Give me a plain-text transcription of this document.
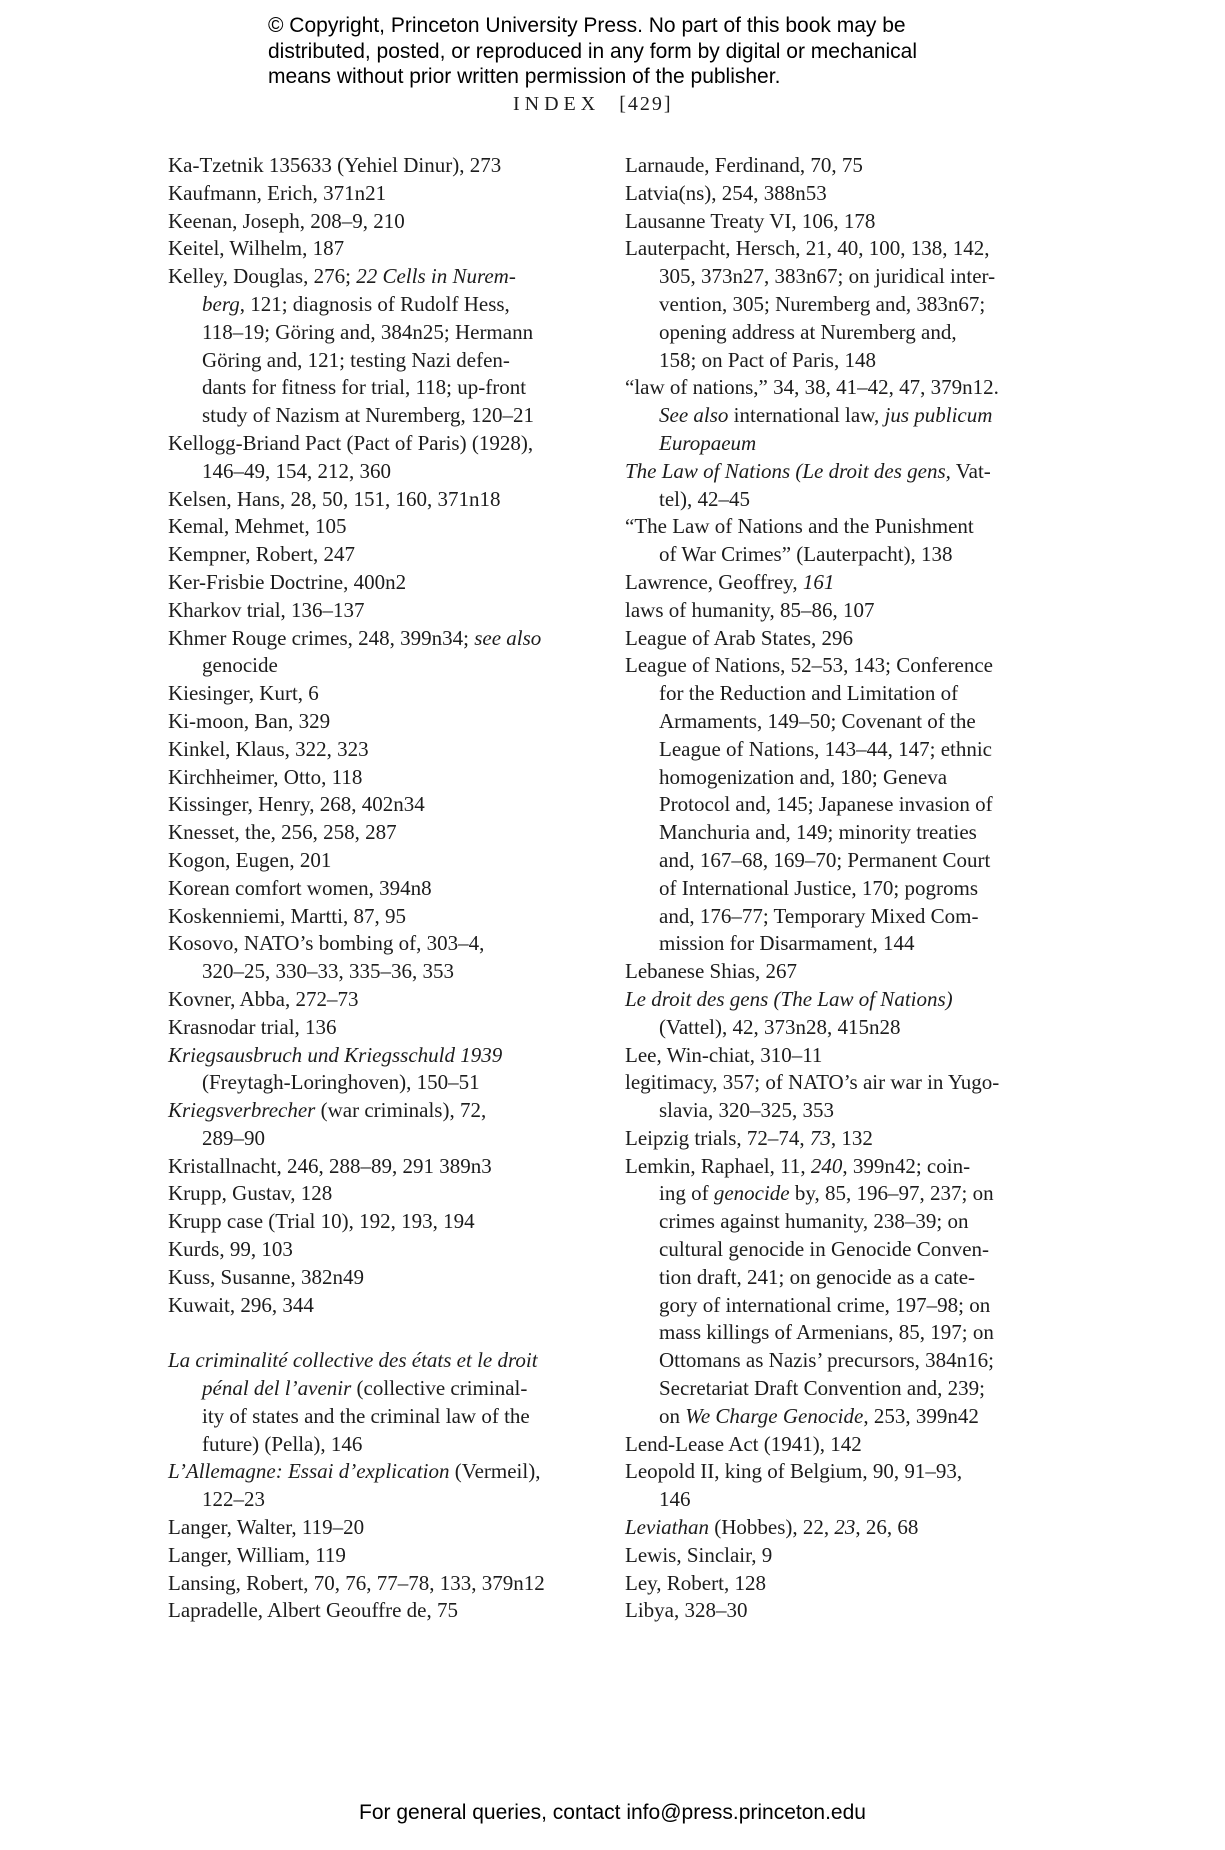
© Copyright, Princeton University Press. No part of this book may be
distributed, posted, or reproduced in any form by digital or mechanical
means without prior written permission of the publisher.
INDEX [429]
Ka-Tzetnik 135633 (Yehiel Dinur), 273
Kaufmann, Erich, 371n21
Keenan, Joseph, 208–9, 210
Keitel, Wilhelm, 187
Kelley, Douglas, 276; 22 Cells in Nurem-
berg, 121; diagnosis of Rudolf Hess,
118–19; Göring and, 384n25; Hermann
Göring and, 121; testing Nazi defen-
dants for fitness for trial, 118; up-front
study of Nazism at Nuremberg, 120–21
Kellogg-Briand Pact (Pact of Paris) (1928),
146–49, 154, 212, 360
Kelsen, Hans, 28, 50, 151, 160, 371n18
Kemal, Mehmet, 105
Kempner, Robert, 247
Ker-Frisbie Doctrine, 400n2
Kharkov trial, 136–137
Khmer Rouge crimes, 248, 399n34; see also
genocide
Kiesinger, Kurt, 6
Ki-moon, Ban, 329
Kinkel, Klaus, 322, 323
Kirchheimer, Otto, 118
Kissinger, Henry, 268, 402n34
Knesset, the, 256, 258, 287
Kogon, Eugen, 201
Korean comfort women, 394n8
Koskenniemi, Martti, 87, 95
Kosovo, NATO’s bombing of, 303–4,
320–25, 330–33, 335–36, 353
Kovner, Abba, 272–73
Krasnodar trial, 136
Kriegsausbruch und Kriegsschuld 1939
(Freytagh-Loringhoven), 150–51
Kriegsverbrecher (war criminals), 72,
289–90
Kristallnacht, 246, 288–89, 291 389n3
Krupp, Gustav, 128
Krupp case (Trial 10), 192, 193, 194
Kurds, 99, 103
Kuss, Susanne, 382n49
Kuwait, 296, 344
La criminalité collective des états et le droit
pénal del l’avenir (collective criminal-
ity of states and the criminal law of the
future) (Pella), 146
L’Allemagne: Essai d’explication (Vermeil),
122–23
Langer, Walter, 119–20
Langer, William, 119
Lansing, Robert, 70, 76, 77–78, 133, 379n12
Lapradelle, Albert Geouffre de, 75
Larnaude, Ferdinand, 70, 75
Latvia(ns), 254, 388n53
Lausanne Treaty VI, 106, 178
Lauterpacht, Hersch, 21, 40, 100, 138, 142,
305, 373n27, 383n67; on juridical inter-
vention, 305; Nuremberg and, 383n67;
opening address at Nuremberg and,
158; on Pact of Paris, 148
“law of nations,” 34, 38, 41–42, 47, 379n12.
See also international law, jus publicum
Europaeum
The Law of Nations (Le droit des gens, Vat-
tel), 42–45
“The Law of Nations and the Punishment
of War Crimes” (Lauterpacht), 138
Lawrence, Geoffrey, 161
laws of humanity, 85–86, 107
League of Arab States, 296
League of Nations, 52–53, 143; Conference
for the Reduction and Limitation of
Armaments, 149–50; Covenant of the
League of Nations, 143–44, 147; ethnic
homogenization and, 180; Geneva
Protocol and, 145; Japanese invasion of
Manchuria and, 149; minority treaties
and, 167–68, 169–70; Permanent Court
of International Justice, 170; pogroms
and, 176–77; Temporary Mixed Com-
mission for Disarmament, 144
Lebanese Shias, 267
Le droit des gens (The Law of Nations)
(Vattel), 42, 373n28, 415n28
Lee, Win-chiat, 310–11
legitimacy, 357; of NATO’s air war in Yugo-
slavia, 320–325, 353
Leipzig trials, 72–74, 73, 132
Lemkin, Raphael, 11, 240, 399n42; coin-
ing of genocide by, 85, 196–97, 237; on
crimes against humanity, 238–39; on
cultural genocide in Genocide Conven-
tion draft, 241; on genocide as a cate-
gory of international crime, 197–98; on
mass killings of Armenians, 85, 197; on
Ottomans as Nazis’ precursors, 384n16;
Secretariat Draft Convention and, 239;
on We Charge Genocide, 253, 399n42
Lend-Lease Act (1941), 142
Leopold II, king of Belgium, 90, 91–93,
146
Leviathan (Hobbes), 22, 23, 26, 68
Lewis, Sinclair, 9
Ley, Robert, 128
Libya, 328–30
For general queries, contact info@press.princeton.edu
